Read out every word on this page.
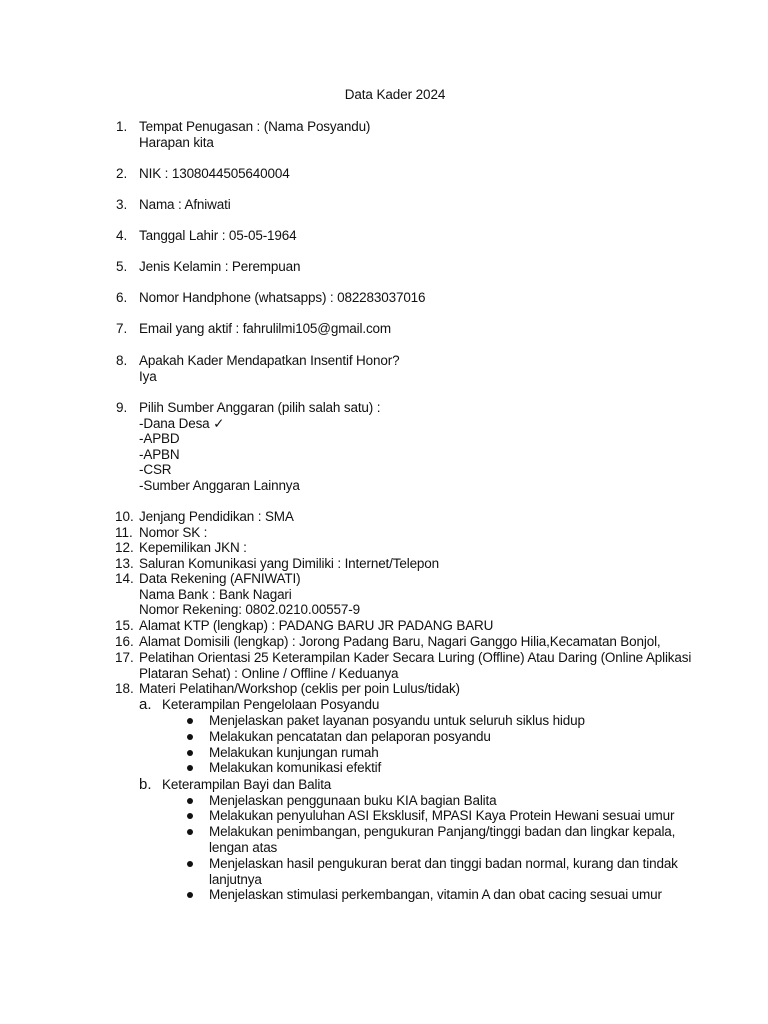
Data Kader 2024
1. Tempat Penugasan : (Nama Posyandu)
Harapan kita
2. NIK : 1308044505640004
3. Nama : Afniwati
4. Tanggal Lahir : 05-05-1964
5. Jenis Kelamin : Perempuan
6. Nomor Handphone (whatsapps) : 082283037016
7. Email yang aktif : fahrulilmi105@gmail.com
8. Apakah Kader Mendapatkan Insentif Honor?
Iya
9. Pilih Sumber Anggaran (pilih salah satu) :
-Dana Desa ✓
-APBD
-APBN
-CSR
-Sumber Anggaran Lainnya
10. Jenjang Pendidikan : SMA
11. Nomor SK :
12. Kepemilikan JKN :
13. Saluran Komunikasi yang Dimiliki : Internet/Telepon
14. Data Rekening (AFNIWATI)
Nama Bank : Bank Nagari
Nomor Rekening: 0802.0210.00557-9
15. Alamat KTP (lengkap) : PADANG BARU JR PADANG BARU
16. Alamat Domisili (lengkap) : Jorong Padang Baru, Nagari Ganggo Hilia,Kecamatan Bonjol,
17. Pelatihan Orientasi 25 Keterampilan Kader Secara Luring (Offline) Atau Daring (Online Aplikasi
Plataran Sehat) : Online / Offline / Keduanya
18. Materi Pelatihan/Workshop (ceklis per poin Lulus/tidak)
a. Keterampilan Pengelolaan Posyandu
Menjelaskan paket layanan posyandu untuk seluruh siklus hidup
Melakukan pencatatan dan pelaporan posyandu
Melakukan kunjungan rumah
Melakukan komunikasi efektif
b. Keterampilan Bayi dan Balita
Menjelaskan penggunaan buku KIA bagian Balita
Melakukan penyuluhan ASI Eksklusif, MPASI Kaya Protein Hewani sesuai umur
Melakukan penimbangan, pengukuran Panjang/tinggi badan dan lingkar kepala,
lengan atas
Menjelaskan hasil pengukuran berat dan tinggi badan normal, kurang dan tindak
lanjutnya
Menjelaskan stimulasi perkembangan, vitamin A dan obat cacing sesuai umur
